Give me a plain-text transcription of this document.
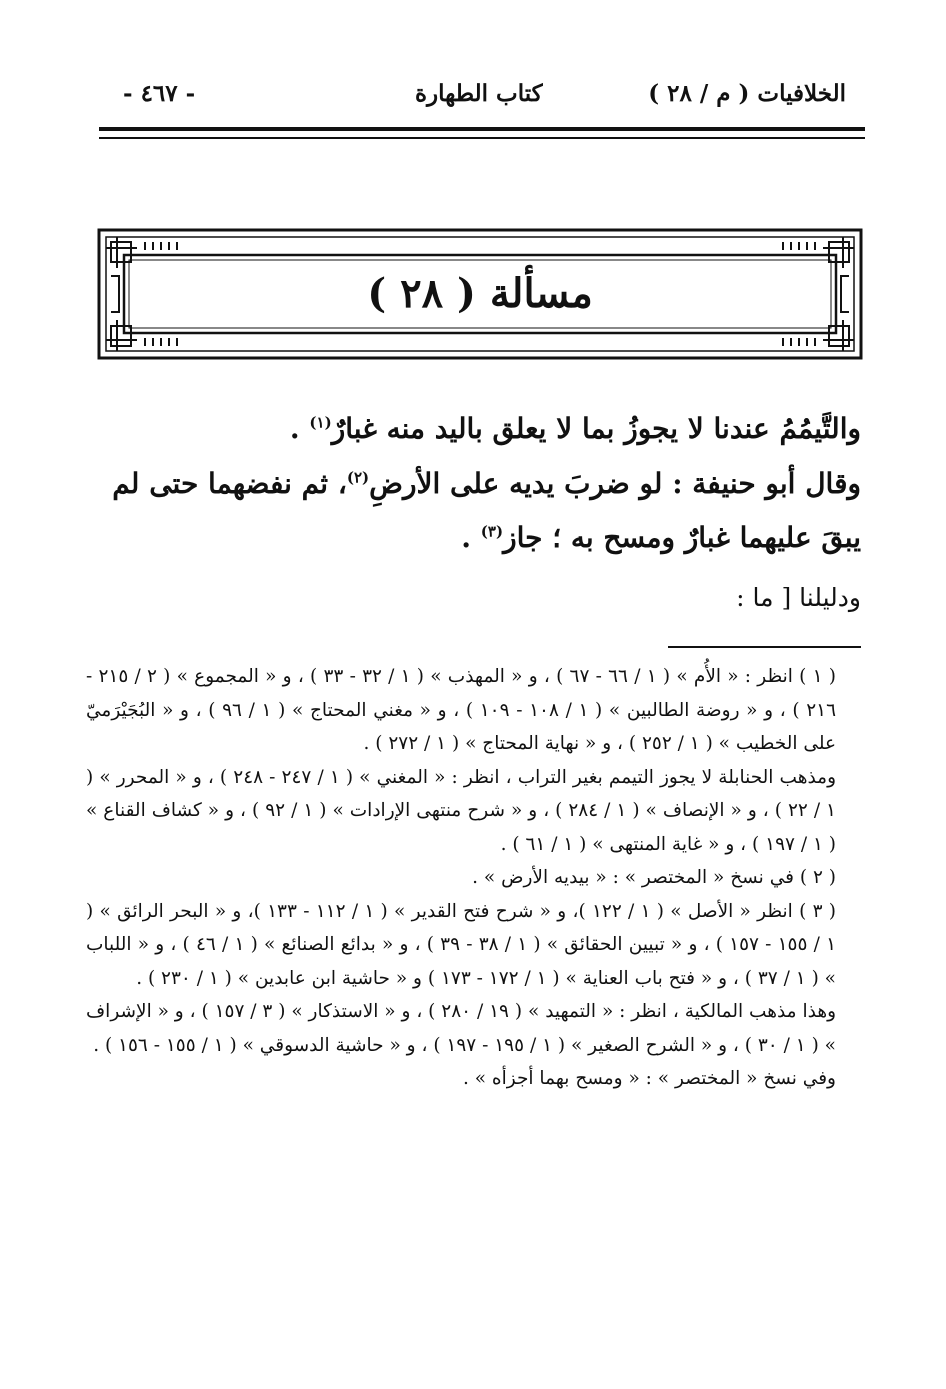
الخلافيات ( م / ٢٨ )
كتاب الطهارة
- ٤٦٧ -
مسألة ( ٢٨ )
والتَّيمُمُ عندنا لا يجوزُ بما لا يعلق باليد منه غبارٌ$^{(١)}$ .
وقال أبو حنيفة : لو ضربَ يديه على الأرضِ$^{(٢)}$، ثم نفضهما حتى لم
يبقَ عليهما غبارٌ ومسح به ؛ جاز$^{(٣)}$ .
ودليلنا [ ما :

( ١ ) انظر : « الأُم » ( ١ / ٦٦ - ٦٧ ) ، و « المهذب » ( ١ / ٣٢ - ٣٣ ) ، و « المجموع » ( ٢ / ٢١٥ - ٢١٦ ) ، و « روضة الطالبين » ( ١ / ١٠٨ - ١٠٩ ) ، و « مغني المحتاج » ( ١ / ٩٦ ) ، و « البُجَيْرَميّ على الخطيب » ( ١ / ٢٥٢ ) ، و « نهاية المحتاج » ( ١ / ٢٧٢ ) .

ومذهب الحنابلة لا يجوز التيمم بغير التراب ، انظر : « المغني » ( ١ / ٢٤٧ - ٢٤٨ ) ، و « المحرر » ( ١ / ٢٢ ) ، و « الإنصاف » ( ١ / ٢٨٤ ) ، و « شرح منتهى الإرادات » ( ١ / ٩٢ ) ، و « كشاف القناع » ( ١ / ١٩٧ ) ، و « غاية المنتهى » ( ١ / ٦١ ) .

( ٢ ) في نسخ « المختصر » : « بيديه الأرض » .

( ٣ ) انظر « الأصل » ( ١ / ١٢٢ )، و « شرح فتح القدير » ( ١ / ١١٢ - ١٣٣ )، و « البحر الرائق » ( ١ / ١٥٥ - ١٥٧ ) ، و « تبيين الحقائق » ( ١ / ٣٨ - ٣٩ ) ، و « بدائع الصنائع » ( ١ / ٤٦ ) ، و « اللباب » ( ١ / ٣٧ ) ، و « فتح باب العناية » ( ١ / ١٧٢ - ١٧٣ ) و « حاشية ابن عابدين » ( ١ / ٢٣٠ ) .

وهذا مذهب المالكية ، انظر : « التمهيد » ( ١٩ / ٢٨٠ ) ، و « الاستذكار » ( ٣ / ١٥٧ ) ، و « الإشراف » ( ١ / ٣٠ ) ، و « الشرح الصغير » ( ١ / ١٩٥ - ١٩٧ ) ، و « حاشية الدسوقي » ( ١ / ١٥٥ - ١٥٦ ) .

وفي نسخ « المختصر » : « ومسح بهما أجزأه » .
